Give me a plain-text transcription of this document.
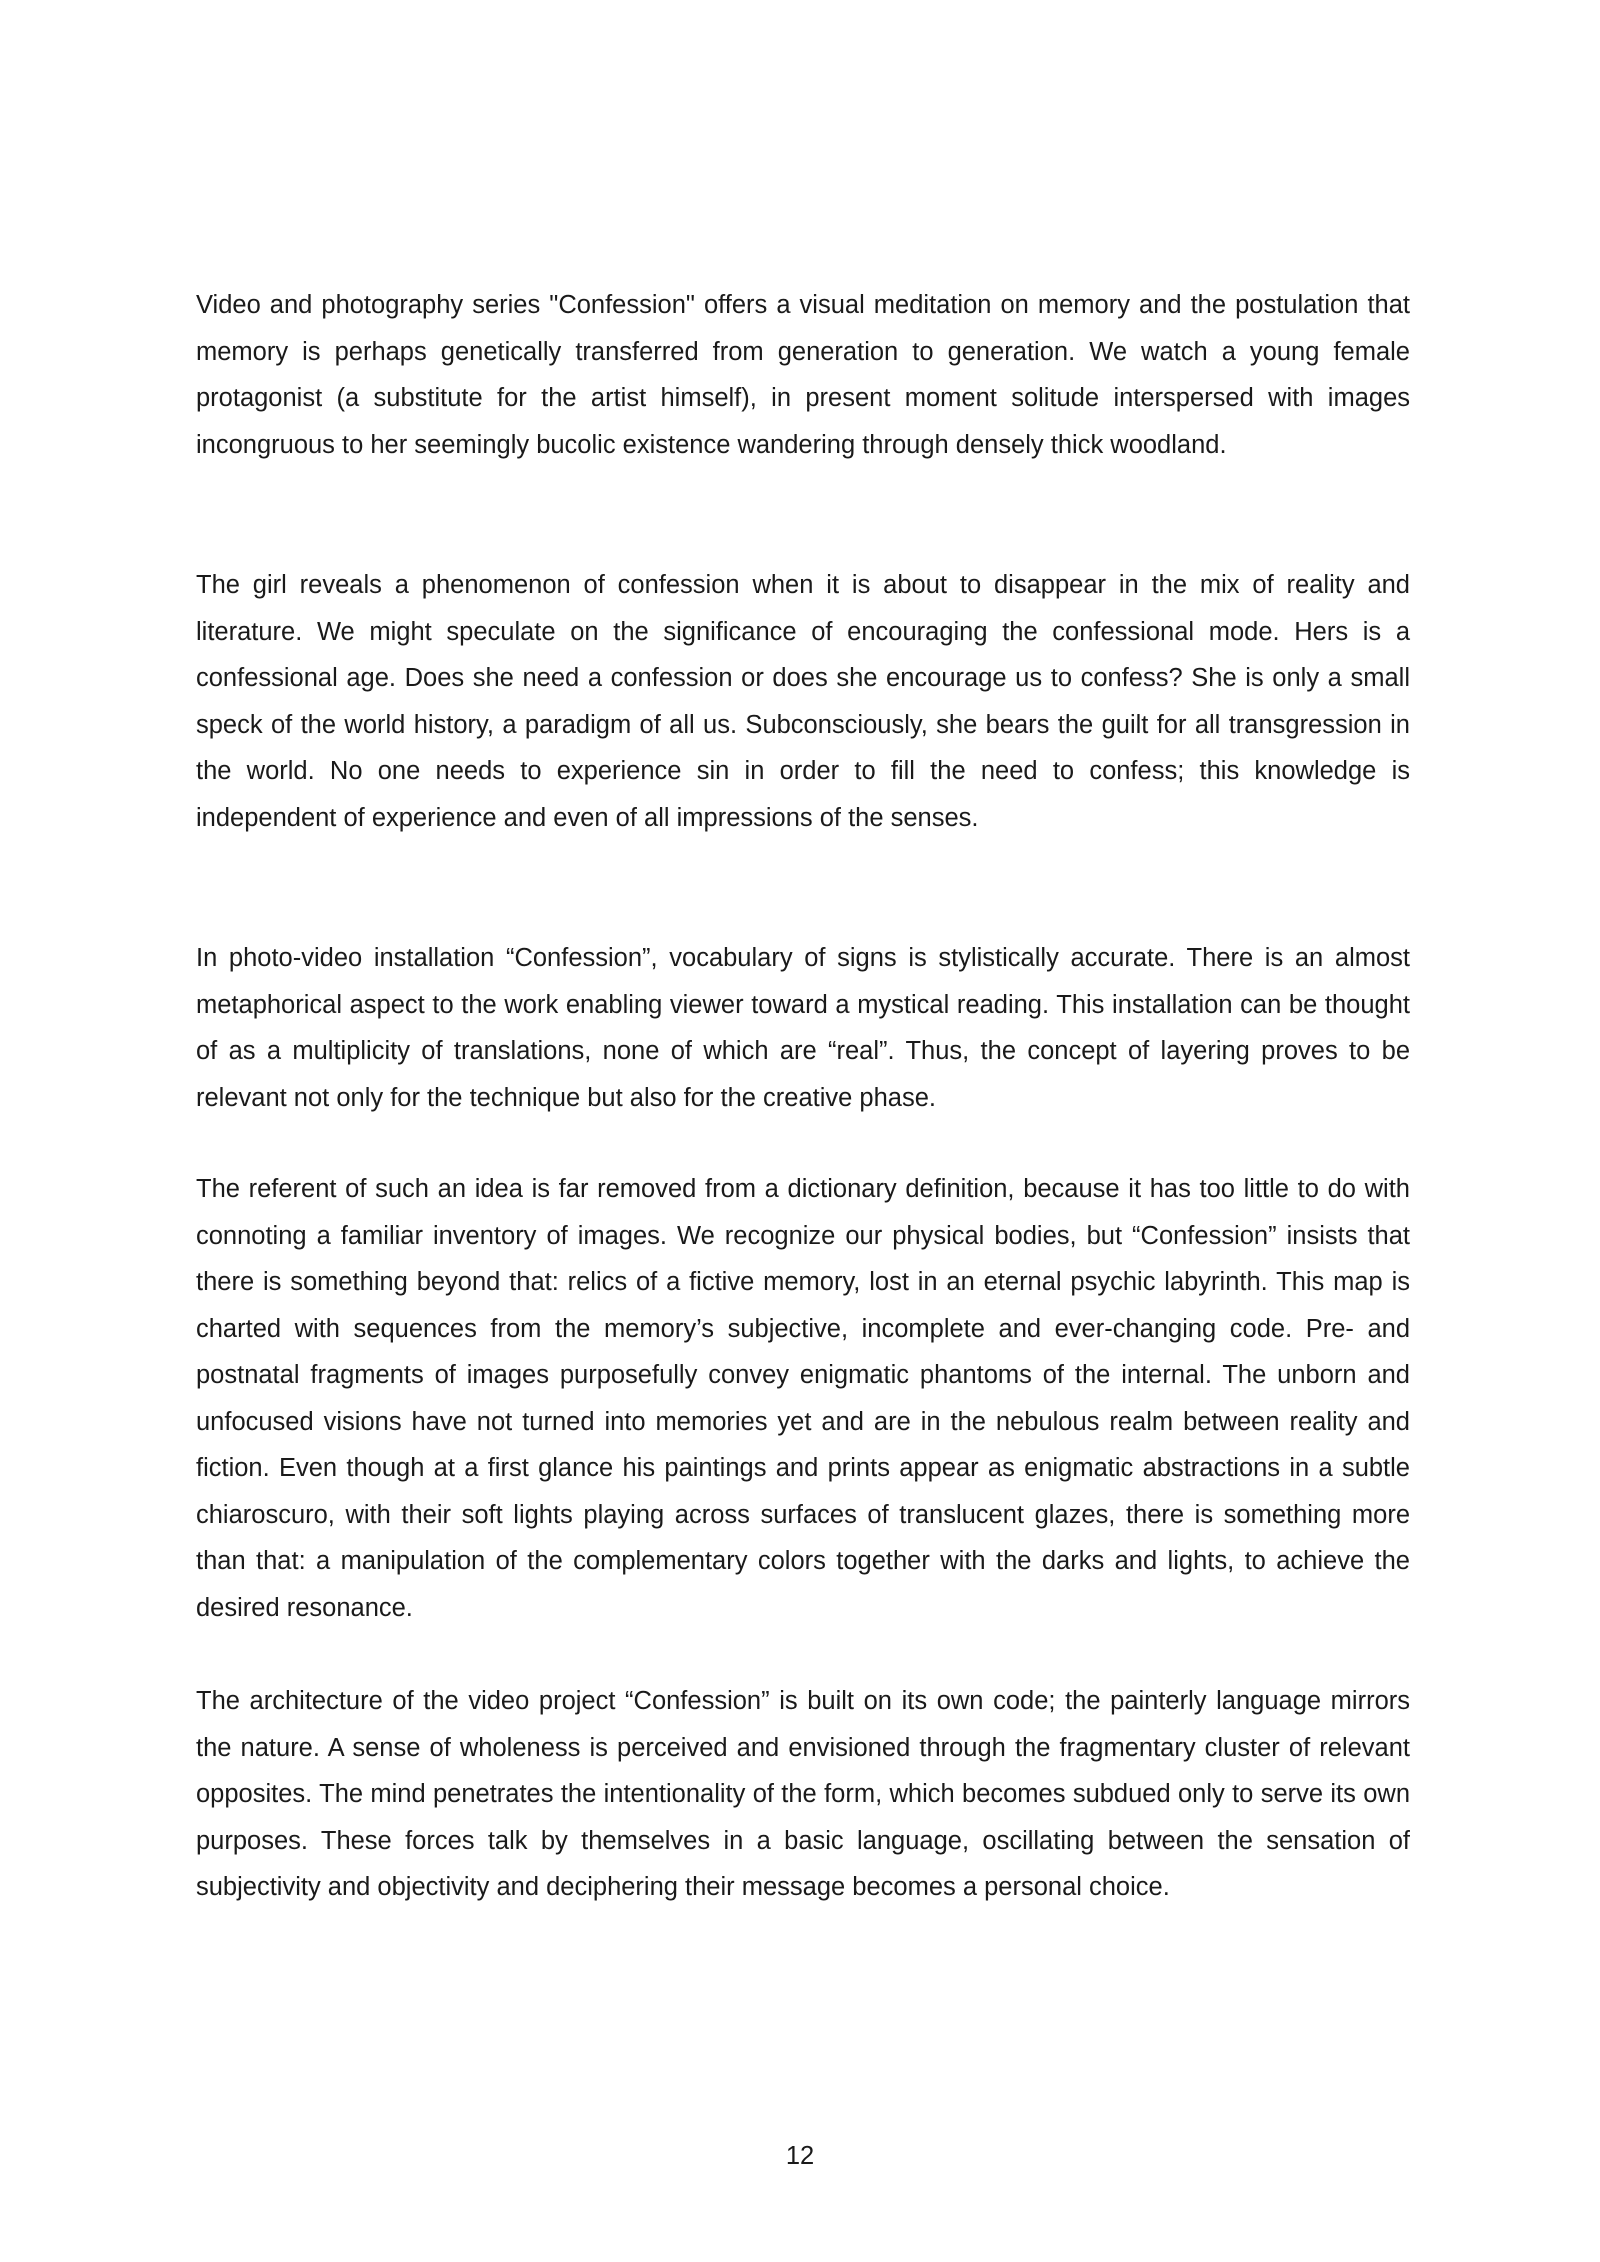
Video and photography series "Confession" offers a visual meditation on memory and the postulation that memory is perhaps genetically transferred from generation to generation. We watch a young female protagonist (a substitute for the artist himself), in present moment solitude interspersed with images incongruous to her seemingly bucolic existence wandering through densely thick woodland.

The girl reveals a phenomenon of confession when it is about to disappear in the mix of reality and literature. We might speculate on the significance of encouraging the confessional mode. Hers is a confessional age. Does she need a confession or does she encourage us to confess? She is only a small speck of the world history, a paradigm of all us. Subconsciously, she bears the guilt for all transgression in the world. No one needs to experience sin in order to fill the need to confess; this knowledge is independent of experience and even of all impressions of the senses.

In photo-video installation “Confession”, vocabulary of signs is stylistically accurate. There is an almost metaphorical aspect to the work enabling viewer toward a mystical reading. This installation can be thought of as a multiplicity of translations, none of which are “real”. Thus, the concept of layering proves to be relevant not only for the technique but also for the creative phase.

The referent of such an idea is far removed from a dictionary definition, because it has too little to do with connoting a familiar inventory of images. We recognize our physical bodies, but “Confession” insists that there is something beyond that: relics of a fictive memory, lost in an eternal psychic labyrinth. This map is charted with sequences from the memory’s subjective, incomplete and ever-changing code. Pre- and postnatal fragments of images purposefully convey enigmatic phantoms of the internal. The unborn and unfocused visions have not turned into memories yet and are in the nebulous realm between reality and fiction. Even though at a first glance his paintings and prints appear as enigmatic abstractions in a subtle chiaroscuro, with their soft lights playing across surfaces of translucent glazes, there is something more than that: a manipulation of the complementary colors together with the darks and lights, to achieve the desired resonance.

The architecture of the video project “Confession” is built on its own code; the painterly language mirrors the nature. A sense of wholeness is perceived and envisioned through the fragmentary cluster of relevant opposites. The mind penetrates the intentionality of the form, which becomes subdued only to serve its own purposes. These forces talk by themselves in a basic language, oscillating between the sensation of subjectivity and objectivity and deciphering their message becomes a personal choice.

12
